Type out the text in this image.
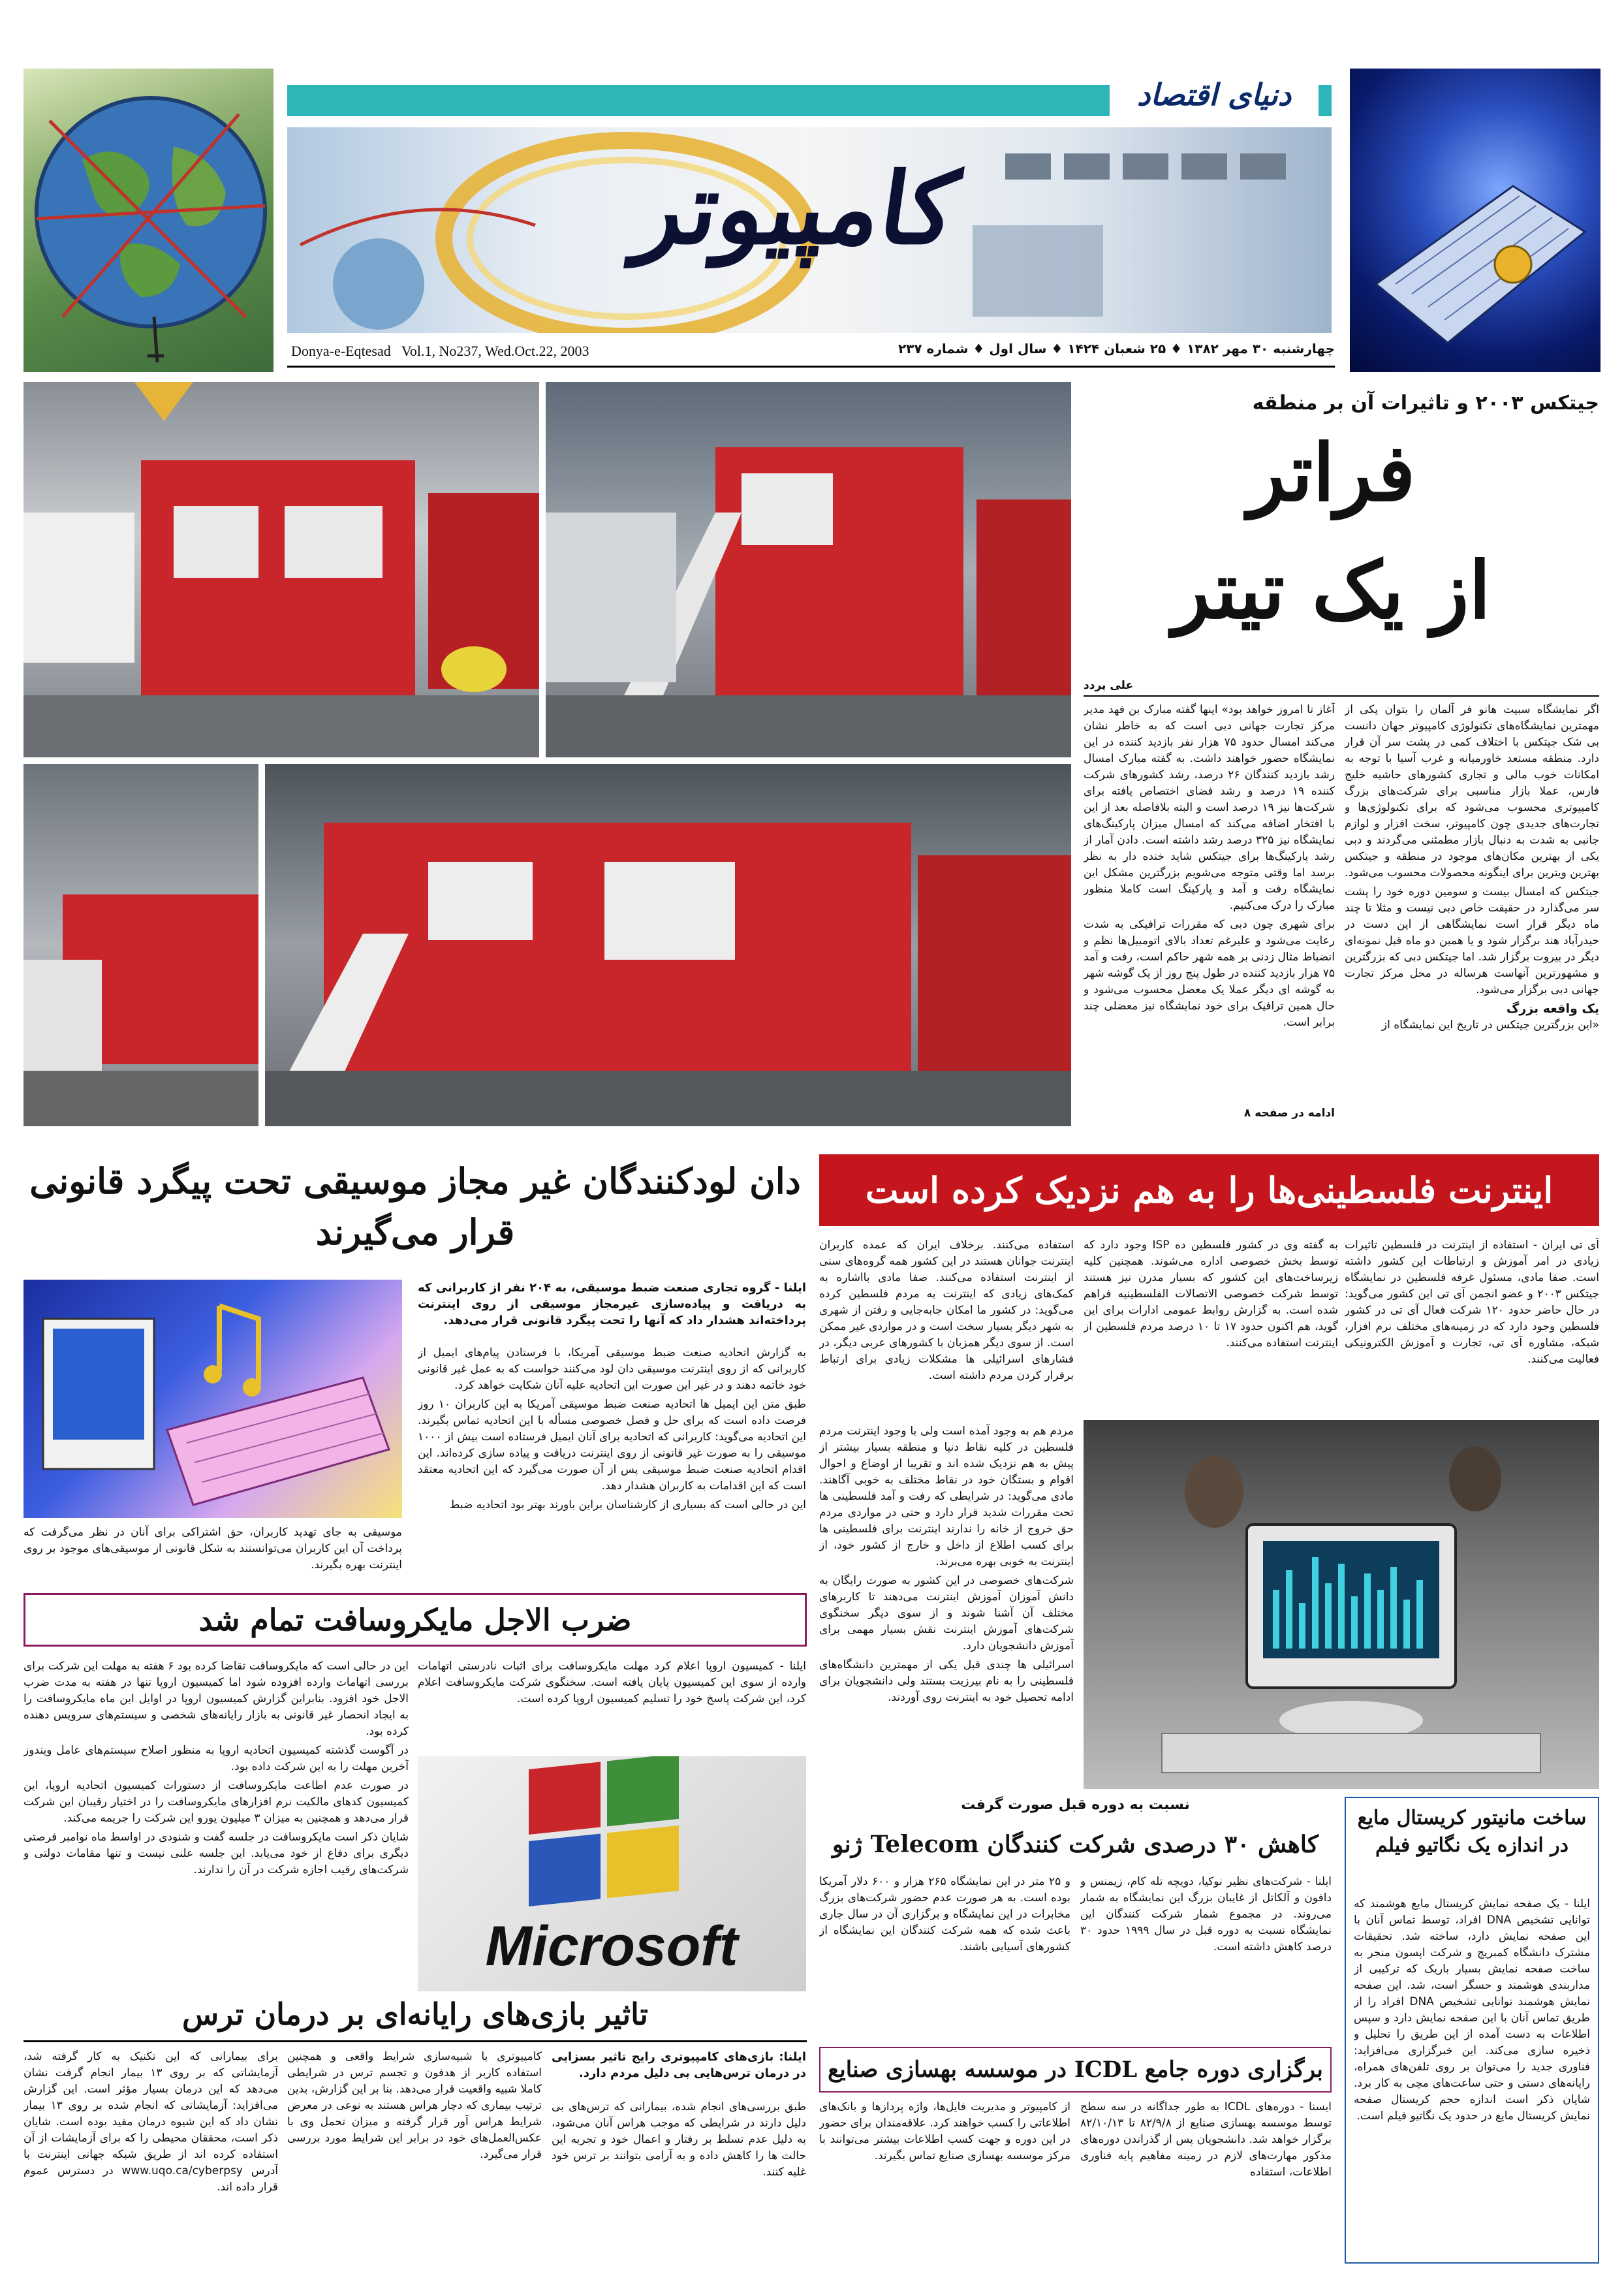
دنیای اقتصاد
کامپیوتر
Donya-e-Eqtesad   Vol.1, No237, Wed.Oct.22, 2003	چهارشنبه ۳۰ مهر ۱۳۸۲ ♦ ۲۵ شعبان ۱۴۲۴ ♦ سال اول ♦ شماره ۲۳۷
جیتکس ۲۰۰۳ و تاثیرات آن بر منطقه
فراتر
از یک تیتر
علی پردد

اگر نمایشگاه سبیت هانو فر آلمان را بتوان یکی از مهمترین نمایشگاه‌های تکنولوژی کامپیوتر جهان دانست بی شک جیتکس با اختلاف کمی در پشت سر آن قرار دارد. منطقه مستعد خاورمیانه و غرب آسیا با توجه به امکانات خوب مالی و تجاری کشورهای حاشیه خلیج فارس، عملا بازار مناسبی برای شرکت‌های بزرگ کامپیوتری محسوب می‌شود که برای تکنولوژی‌ها و تجارت‌های جدیدی چون کامپیوتر، سخت افزار و لوازم جانبی به شدت به دنبال بازار مطمئنی می‌گردند و دبی یکی از بهترین مکان‌های موجود در منطقه و جیتکس بهترین ویترین برای اینگونه محصولات محسوب می‌شود.

جیتکس که امسال بیست و سومین دوره خود را پشت سر می‌گذارد در حقیقت خاص دبی نیست و مثلا تا چند ماه دیگر قرار است نمایشگاهی از این دست در حیدرآباد هند برگزار شود و یا همین دو ماه قبل نمونه‌ای دیگر در بیروت برگزار شد. اما جیتکس دبی که بزرگترین و مشهورترین آنهاست هرساله در محل مرکز تجارت جهانی دبی برگزار می‌شود.

یک واقعه بزرگ

«این بزرگترین جیتکس در تاریخ این نمایشگاه از

آغاز تا امروز خواهد بود» اینها گفته مبارک بن فهد مدیر مرکز تجارت جهانی دبی است که به خاطر نشان می‌کند امسال حدود ۷۵ هزار نفر بازدید کننده در این نمایشگاه حضور خواهند داشت. به گفته مبارک امسال رشد بازدید کنندگان ۲۶ درصد، رشد کشورهای شرکت کننده ۱۹ درصد و رشد فضای اختصاص یافته برای شرکت‌ها نیز ۱۹ درصد است و البته بلافاصله بعد از این با افتخار اضافه می‌کند که امسال میزان پارکینگ‌های نمایشگاه نیز ۳۲۵ درصد رشد داشته است. دادن آمار از رشد پارکینگ‌ها برای جیتکس شاید خنده دار به نظر برسد اما وقتی متوجه می‌شویم بزرگترین مشکل این نمایشگاه رفت و آمد و پارکینگ است کاملا منظور مبارک را درک می‌کنیم.

برای شهری چون دبی که مقررات ترافیکی به شدت رعایت می‌شود و علیرغم تعداد بالای اتومبیل‌ها نظم و انضباط مثال زدنی بر همه شهر حاکم است، رفت و آمد ۷۵ هزار بازدید کننده در طول پنج روز از یک گوشه شهر به گوشه ای دیگر عملا یک معضل محسوب می‌شود و حال همین ترافیک برای خود نمایشگاه نیز معضلی چند برابر است.

ادامه در صفحه ۸
دان لودکنندگان غیر مجاز موسیقی تحت پیگرد قانونی قرار می‌گیرند
ایلنا - گروه تجاری صنعت ضبط موسیقی، به ۲۰۴ نفر از کاربرانی که به دریافت و پیاده‌سازی غیرمجاز موسیقی از روی اینترنت پرداخته‌اند هشدار داد که آنها را تحت پیگرد قانونی قرار می‌دهد.

به گزارش اتحادیه صنعت ضبط موسیقی آمریکا، با فرستادن پیام‌های ایمیل از کاربرانی که از روی اینترنت موسیقی دان لود می‌کنند خواست که به عمل غیر قانونی خود خاتمه دهند و در غیر این صورت این اتحادیه علیه آنان شکایت خواهد کرد.

طبق متن این ایمیل ها اتحادیه صنعت ضبط موسیقی آمریکا به این کاربران ۱۰ روز فرصت داده است که برای حل و فصل خصوصی مسأله با این اتحادیه تماس بگیرند. این اتحادیه می‌گوید: کاربرانی که اتحادیه برای آنان ایمیل فرستاده است بیش از ۱۰۰۰ موسیقی را به صورت غیر قانونی از روی اینترنت دریافت و پیاده سازی کرده‌اند. این اقدام اتحادیه صنعت ضبط موسیقی پس از آن صورت می‌گیرد که این اتحادیه معتقد است که این اقدامات به کاربران هشدار دهد.

این در حالی است که بسیاری از کارشناسان براین باورند بهتر بود اتحادیه ضبط

موسیقی به جای تهدید کاربران، حق اشتراکی برای آنان در نظر می‌گرفت که پرداخت آن این کاربران می‌توانستند به شکل قانونی از موسیقی‌های موجود بر روی اینترنت بهره بگیرند.
اینترنت فلسطینی‌ها را به هم نزدیک کرده است
آی تی ایران - استفاده از اینترنت در فلسطین تاثیرات زیادی در امر آموزش و ارتباطات این کشور داشته است. صفا مادی، مسئول غرفه فلسطین در نمایشگاه جیتکس ۲۰۰۳ و عضو انجمن آی تی این کشور می‌گوید: در حال حاضر حدود ۱۲۰ شرکت فعال آی تی در کشور فلسطین وجود دارد که در زمینه‌های مختلف نرم افزار، شبکه، مشاوره آی تی، تجارت و آموزش الکترونیکی فعالیت می‌کنند.
به گفته وی در کشور فلسطین ده ISP وجود دارد که توسط بخش خصوصی اداره می‌شوند. همچنین کلیه زیرساخت‌های این کشور که بسیار مدرن نیز هستند توسط شرکت خصوصی الاتصالات الفلسطینیه فراهم شده است. به گزارش روابط عمومی ادارات برای این گوید، هم اکنون حدود ۱۷ تا ۱۰ درصد مردم فلسطین از اینترنت استفاده می‌کنند.
استفاده می‌کنند. برخلاف ایران که عمده کاربران اینترنت جوانان هستند در این کشور همه گروه‌های سنی از اینترنت استفاده می‌کنند. صفا مادی بااشاره به کمک‌های زیادی که اینترنت به مردم فلسطین کرده می‌گوید: در کشور ما امکان جابه‌جایی و رفتن از شهری به شهر دیگر بسیار سخت است و در مواردی غیر ممکن است. از سوی دیگر همزبان با کشورهای عربی دیگر، در فشارهای اسرائیلی ها مشکلات زیادی برای ارتباط برقرار کردن مردم داشته است.

مردم هم به وجود آمده است ولی با وجود اینترنت مردم فلسطین در کلیه نقاط دنیا و منطقه بسیار بیشتر از پیش به هم نزدیک شده اند و تقریبا از اوضاع و احوال اقوام و بستگان خود در نقاط مختلف به خوبی آگاهند. مادی می‌گوید: در شرایطی که رفت و آمد فلسطینی ها تحت مقررات شدید قرار دارد و حتی در مواردی مردم حق خروج از خانه را ندارند اینترنت برای فلسطینی ها برای کسب اطلاع از داخل و خارج از کشور خود، از اینترنت به خوبی بهره می‌برند.

شرکت‌های خصوصی در این کشور به صورت رایگان به دانش آموزان آموزش اینترنت می‌دهند تا کاربرهای مختلف آن آشنا شوند و از سوی دیگر سخنگوی شرکت‌های آموزش اینترنت نقش بسیار مهمی برای آموزش دانشجویان دارد.

اسرائیلی ها چندی قبل یکی از مهمترین دانشگاه‌های فلسطینی را به نام بیرزیت بستند ولی دانشجویان برای ادامه تحصیل خود به اینترنت روی آوردند.

ضرب الاجل مایکروسافت تمام شد
ایلنا - کمیسیون اروپا اعلام کرد مهلت مایکروسافت برای اثبات نادرستی اتهامات وارده از سوی این کمیسیون پایان یافته است. سخنگوی شرکت مایکروسافت اعلام کرد، این شرکت پاسخ خود را تسلیم کمیسیون اروپا کرده است.
Microsoft

این در حالی است که مایکروسافت تقاضا کرده بود ۶ هفته به مهلت این شرکت برای بررسی اتهامات وارده افزوده شود اما کمیسیون اروپا تنها در هفته به مدت ضرب الاجل خود افزود. بنابراین گزارش کمیسیون اروپا در اوایل این ماه مایکروسافت را به ایجاد انحصار غیر قانونی به بازار رایانه‌های شخصی و سیستم‌های سرویس دهنده کرده بود.

در آگوست گذشته کمیسیون اتحادیه اروپا به منظور اصلاح سیستم‌های عامل ویندوز آخرین مهلت را به این شرکت داده بود.

در صورت عدم اطاعت مایکروسافت از دستورات کمیسیون اتحادیه اروپا، این کمیسیون کدهای مالکیت نرم افزارهای مایکروسافت را در اختیار رقیبان این شرکت قرار می‌دهد و همچنین به میزان ۳ میلیون یورو این شرکت را جریمه می‌کند.

شایان ذکر است مایکروسافت در جلسه گفت و شنودی در اواسط ماه نوامبر فرصتی دیگری برای دفاع از خود می‌یابد. این جلسه علنی نیست و تنها مقامات دولتی و شرکت‌های رقیب اجازه شرکت در آن را ندارند.

تاثیر بازی‌های رایانه‌ای بر درمان ترس
ایلنا: بازی‌های کامپیوتری رایج تاثیر بسزایی در درمان ترس‌هایی بی دلیل مردم دارد.
طبق بررسی‌های انجام شده، بیمارانی که ترس‌های بی دلیل دارند در شرایطی که موجب هراس آنان می‌شود، به دلیل عدم تسلط بر رفتار و اعمال خود و تجربه این حالت ها را کاهش داده و به آرامی بتوانند بر ترس خود غلبه کنند.
کامپیوتری با شبیه‌سازی شرایط واقعی و همچنین استفاده کاربر از هدفون و تجسم ترس در شرایطی کاملا شبیه واقعیت قرار می‌دهد. بنا بر این گزارش، بدین ترتیب بیماری که دچار هراس هستند به نوعی در معرض شرایط هراس آور قرار گرفته و میزان تحمل وی با عکس‌العمل‌های خود در برابر این شرایط مورد بررسی قرار می‌گیرد.
برای بیمارانی که این تکنیک به کار گرفته شد، آزمایشاتی که بر روی ۱۳ بیمار انجام گرفت نشان می‌دهد که این درمان بسیار مؤثر است. این گزارش می‌افزاید: آزمایشاتی که انجام شده بر روی ۱۳ بیمار نشان داد که این شیوه درمان مفید بوده است. شایان ذکر است، محققان محیطی را که برای آزمایشات از آن استفاده کرده اند از طریق شبکه جهانی اینترنت با آدرس www.uqo.ca/cyberpsy در دسترس عموم قرار داده اند.
نسبت به دوره قبل صورت گرفت
کاهش ۳۰ درصدی شرکت کنندگان Telecom ژنو
ایلنا - شرکت‌های نظیر نوکیا، دویچه تله کام، زیمنس و دافون و آلکاتل از غایبان بزرگ این نمایشگاه به شمار می‌روند. در مجموع شمار شرکت کنندگان این نمایشگاه نسبت به دوره قبل در سال ۱۹۹۹ حدود ۳۰ درصد کاهش داشته است.
و ۲۵ متر در این نمایشگاه ۲۶۵ هزار و ۶۰۰ دلار آمریکا بوده است. به هر صورت عدم حضور شرکت‌های بزرگ مخابرات در این نمایشگاه و برگزاری آن در سال جاری باعث شده که همه شرکت کنندگان این نمایشگاه از کشورهای آسیایی باشند.
ساخت مانیتور کریستال مایع در اندازه یک نگاتیو فیلم
ایلنا - یک صفحه نمایش کریستال مایع هوشمند که توانایی تشخیص DNA افراد، توسط تماس آنان با این صفحه نمایش دارد، ساخته شد. تحقیقات مشترک دانشگاه کمبریج و شرکت اپسون منجر به ساخت صفحه نمایش بسیار باریک که ترکیبی از مداربندی هوشمند و حسگر است، شد. این صفحه نمایش هوشمند توانایی تشخیص DNA افراد را از طریق تماس آنان با این صفحه نمایش دارد و سپس اطلاعات به دست آمده از این طریق را تحلیل و ذخیره سازی می‌کند. این خبرگزاری می‌افزاید: فناوری جدید را می‌توان بر روی تلفن‌های همراه، رایانه‌های دستی و حتی ساعت‌های مچی به کار برد. شایان ذکر است اندازه حجم کریستال صفحه نمایش کریستال مایع در حدود یک نگاتیو فیلم است.
برگزاری دوره جامع ICDL در موسسه بهسازی صنایع
ایسنا - دوره‌های ICDL به طور جداگانه در سه سطح توسط موسسه بهسازی صنایع از ۸۲/۹/۸ تا ۸۲/۱۰/۱۳ برگزار خواهد شد. دانشجویان پس از گذراندن دوره‌های مذکور مهارت‌های لازم در زمینه مفاهیم پایه فناوری اطلاعات، استفاده
از کامپیوتر و مدیریت فایل‌ها، واژه پردازها و بانک‌های اطلاعاتی را کسب خواهند کرد. علاقه‌مندان برای حضور در این دوره و جهت کسب اطلاعات بیشتر می‌توانند با مرکز موسسه بهسازی صنایع تماس بگیرند.
